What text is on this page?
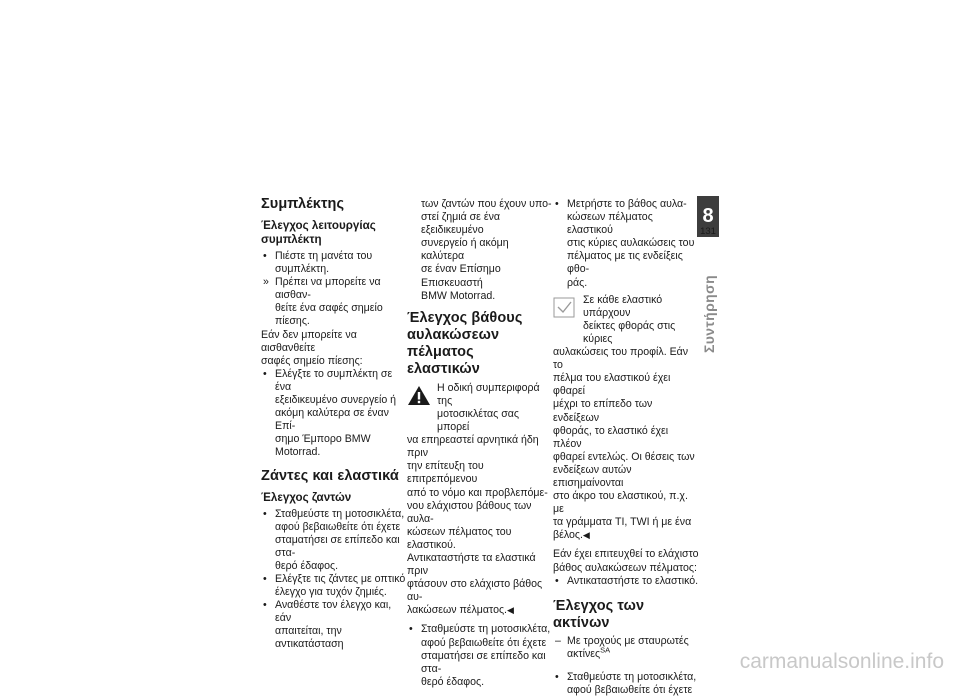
Συμπλέκτης
Έλεγχος λειτουργίας
συμπλέκτη
• Πιέστε τη μανέτα του
συμπλέκτη.
» Πρέπει να μπορείτε να αισθαν-
θείτε ένα σαφές σημείο πίεσης.
Εάν δεν μπορείτε να αισθανθείτε
σαφές σημείο πίεσης:
• Ελέγξτε το συμπλέκτη σε ένα
εξειδικευμένο συνεργείο ή
ακόμη καλύτερα σε έναν Επί-
σημο Έμπορο BMW Motorrad.
Ζάντες και ελαστικά
Έλεγχος ζαντών
• Σταθμεύστε τη μοτοσικλέτα,
αφού βεβαιωθείτε ότι έχετε
σταματήσει σε επίπεδο και στα-
θερό έδαφος.
• Ελέγξτε τις ζάντες με οπτικό
έλεγχο για τυχόν ζημιές.
• Αναθέστε τον έλεγχο και, εάν
απαιτείται, την αντικατάσταση
των ζαντών που έχουν υπο-
στεί ζημιά σε ένα εξειδικευμένο
συνεργείο ή ακόμη καλύτερα
σε έναν Επίσημο Επισκευαστή
BMW Motorrad.
Έλεγχος βάθους
αυλακώσεων πέλματος
ελαστικών
Η οδική συμπεριφορά της
μοτοσικλέτας σας μπορεί
να επηρεαστεί αρνητικά ήδη πριν
την επίτευξη του επιτρεπόμενου
από το νόμο και προβλεπόμε-
νου ελάχιστου βάθους των αυλα-
κώσεων πέλματος του ελαστικού.
Αντικαταστήστε τα ελαστικά πριν
φτάσουν στο ελάχιστο βάθος αυ-
λακώσεων πέλματος.◀
• Σταθμεύστε τη μοτοσικλέτα,
αφού βεβαιωθείτε ότι έχετε
σταματήσει σε επίπεδο και στα-
θερό έδαφος.
• Μετρήστε το βάθος αυλα-
κώσεων πέλματος ελαστικού
στις κύριες αυλακώσεις του
πέλματος με τις ενδείξεις φθο-
ράς.
Σε κάθε ελαστικό υπάρχουν
δείκτες φθοράς στις κύριες
αυλακώσεις του προφίλ. Εάν το
πέλμα του ελαστικού έχει φθαρεί
μέχρι το επίπεδο των ενδείξεων
φθοράς, το ελαστικό έχει πλέον
φθαρεί εντελώς. Οι θέσεις των
ενδείξεων αυτών επισημαίνονται
στο άκρο του ελαστικού, π.χ. με
τα γράμματα TI, TWI ή με ένα
βέλος.◀
Εάν έχει επιτευχθεί το ελάχιστο
βάθος αυλακώσεων πέλματος:
• Αντικαταστήστε το ελαστικό.
Έλεγχος των ακτίνων
– Με τροχούς με σταυρωτές
ακτίνες$^{SA}$
• Σταθμεύστε τη μοτοσικλέτα,
αφού βεβαιωθείτε ότι έχετε
8
131
Συντήρηση
carmanualsonline.info
